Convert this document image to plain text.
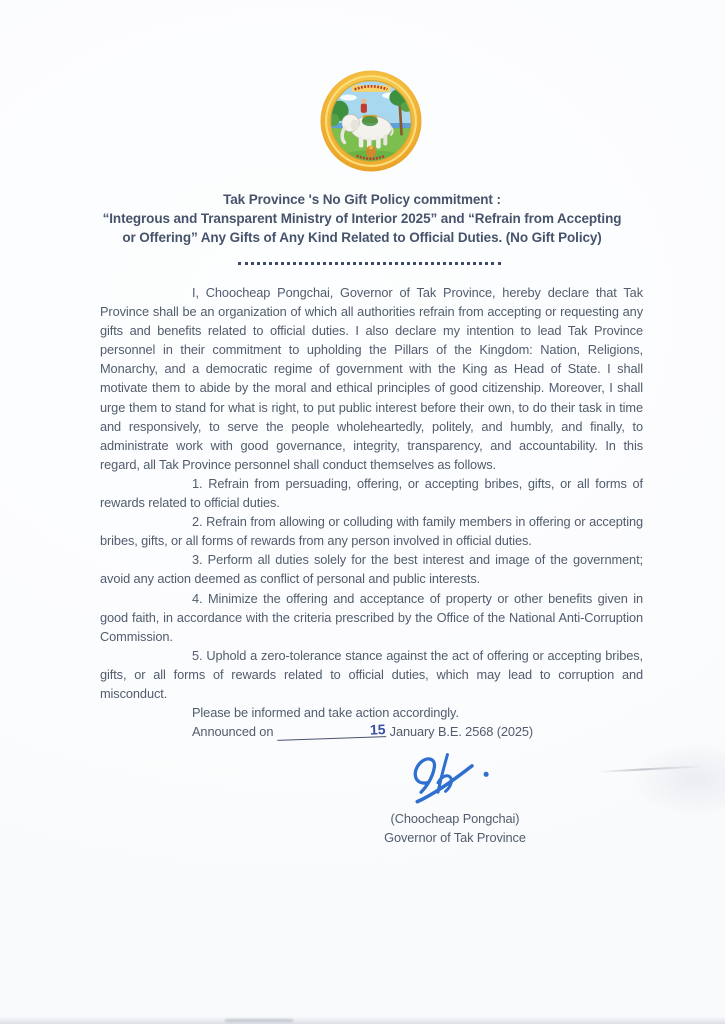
Tak Province 's No Gift Policy commitment :
“Integrous and Transparent Ministry of Interior 2025” and “Refrain from Accepting
or Offering” Any Gifts of Any Kind Related to Official Duties. (No Gift Policy)

I, Choocheap Pongchai, Governor of Tak Province, hereby declare that Tak Province shall be an organization of which all authorities refrain from accepting or requesting any gifts and benefits related to official duties. I also declare my intention to lead Tak Province personnel in their commitment to upholding the Pillars of the Kingdom: Nation, Religions, Monarchy, and a democratic regime of government with the King as Head of State. I shall motivate them to abide by the moral and ethical principles of good citizenship. Moreover, I shall urge them to stand for what is right, to put public interest before their own, to do their task in time and responsively, to serve the people wholeheartedly, politely, and humbly, and finally, to administrate work with good governance, integrity, transparency, and accountability. In this regard, all Tak Province personnel shall conduct themselves as follows.

1. Refrain from persuading, offering, or accepting bribes, gifts, or all forms of rewards related to official duties.

2. Refrain from allowing or colluding with family members in offering or accepting bribes, gifts, or all forms of rewards from any person involved in official duties.

3. Perform all duties solely for the best interest and image of the government; avoid any action deemed as conflict of personal and public interests.

4. Minimize the offering and acceptance of property or other benefits given in good faith, in accordance with the criteria prescribed by the Office of the National Anti-Corruption Commission.

5. Uphold a zero-tolerance stance against the act of offering or accepting bribes, gifts, or all forms of rewards related to official duties, which may lead to corruption and misconduct.

Please be informed and take action accordingly.

Announced on	15 January B.E. 2568 (2025)

(Choocheap Pongchai)
Governor of Tak Province
